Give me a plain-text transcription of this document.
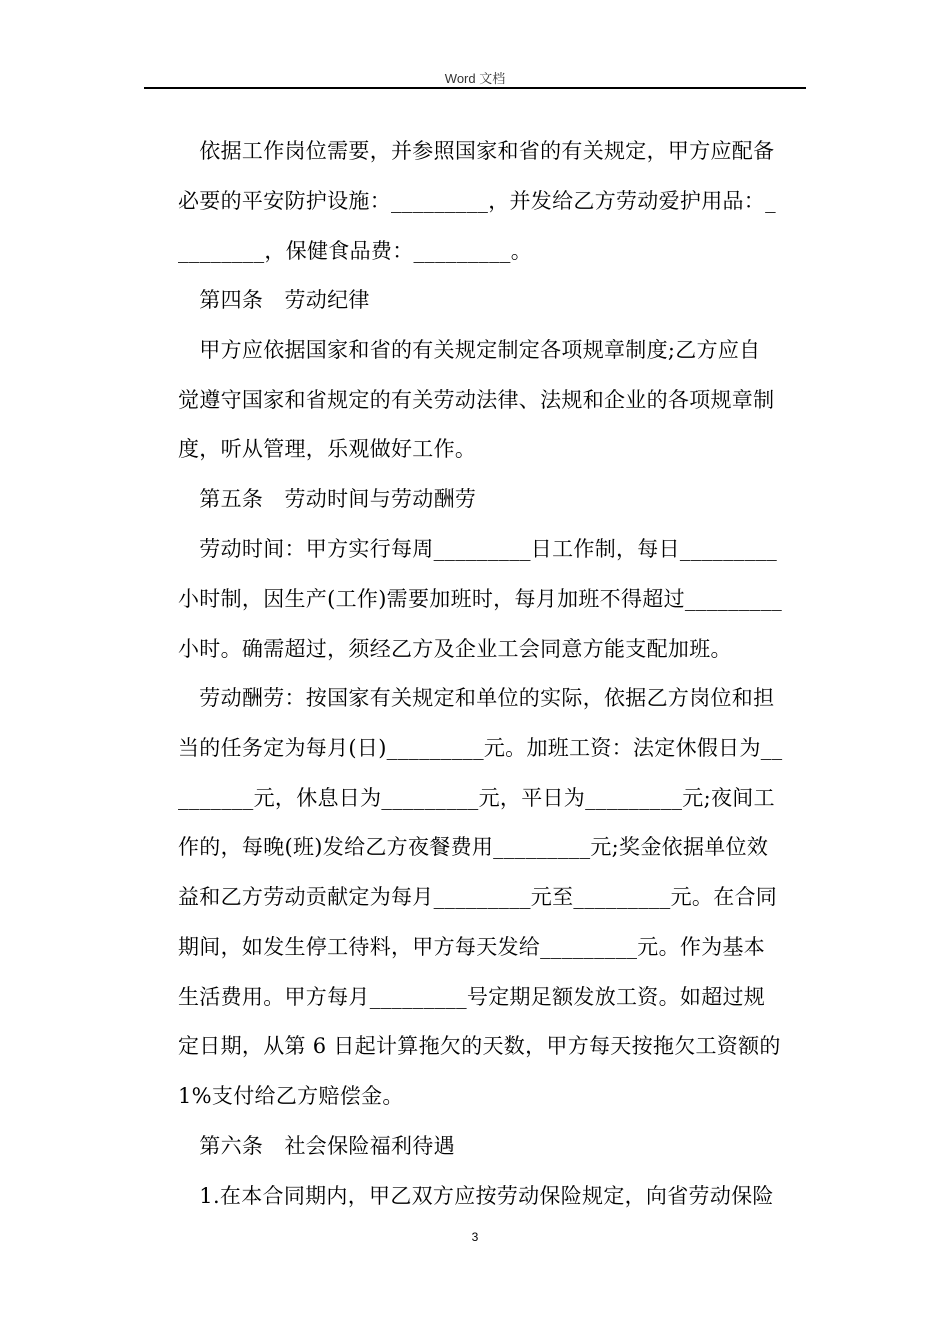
Word 文档
　依据工作岗位需要，并参照国家和省的有关规定，甲方应配备
必要的平安防护设施：_________，并发给乙方劳动爱护用品：_
________，保健食品费：_________。
　第四条　劳动纪律
　甲方应依据国家和省的有关规定制定各项规章制度;乙方应自
觉遵守国家和省规定的有关劳动法律、法规和企业的各项规章制
度，听从管理，乐观做好工作。
　第五条　劳动时间与劳动酬劳
　劳动时间：甲方实行每周_________日工作制，每日_________
小时制，因生产(工作)需要加班时，每月加班不得超过_________
小时。确需超过，须经乙方及企业工会同意方能支配加班。
　劳动酬劳：按国家有关规定和单位的实际，依据乙方岗位和担
当的任务定为每月(日)_________元。加班工资：法定休假日为__
_______元，休息日为_________元，平日为_________元;夜间工
作的，每晚(班)发给乙方夜餐费用_________元;奖金依据单位效
益和乙方劳动贡献定为每月_________元至_________元。在合同
期间，如发生停工待料，甲方每天发给_________元。作为基本
生活费用。甲方每月_________号定期足额发放工资。如超过规
定日期，从第 6 日起计算拖欠的天数，甲方每天按拖欠工资额的
1%支付给乙方赔偿金。
　第六条　社会保险福利待遇
　1.在本合同期内，甲乙双方应按劳动保险规定，向省劳动保险
3
